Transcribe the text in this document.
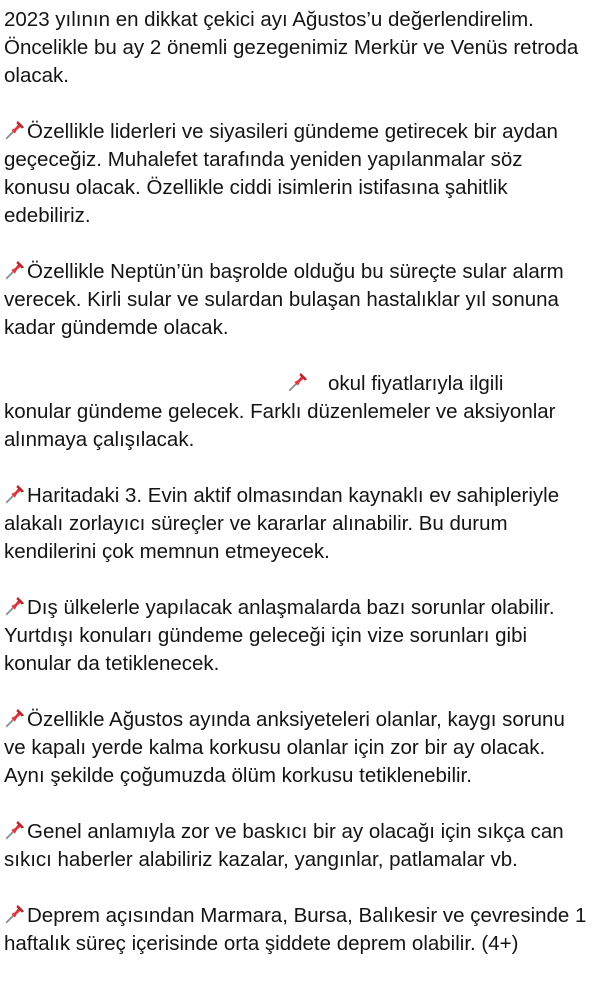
2023 yılının en dikkat çekici ayı Ağustos’u değerlendirelim.
Öncelikle bu ay 2 önemli gezegenimiz Merkür ve Venüs retroda
olacak.
Özellikle liderleri ve siyasileri gündeme getirecek bir aydan
geçeceğiz. Muhalefet tarafında yeniden yapılanmalar söz
konusu olacak. Özellikle ciddi isimlerin istifasına şahitlik
edebiliriz.
Özellikle Neptün’ün başrolde olduğu bu süreçte sular alarm
verecek. Kirli sular ve sulardan bulaşan hastalıklar yıl sonuna
kadar gündemde olacak.
okul fiyatlarıyla ilgili
konular gündeme gelecek. Farklı düzenlemeler ve aksiyonlar
alınmaya çalışılacak.
Haritadaki 3. Evin aktif olmasından kaynaklı ev sahipleriyle
alakalı zorlayıcı süreçler ve kararlar alınabilir. Bu durum
kendilerini çok memnun etmeyecek.
Dış ülkelerle yapılacak anlaşmalarda bazı sorunlar olabilir.
Yurtdışı konuları gündeme geleceği için vize sorunları gibi
konular da tetiklenecek.
Özellikle Ağustos ayında anksiyeteleri olanlar, kaygı sorunu
ve kapalı yerde kalma korkusu olanlar için zor bir ay olacak.
Aynı şekilde çoğumuzda ölüm korkusu tetiklenebilir.
Genel anlamıyla zor ve baskıcı bir ay olacağı için sıkça can
sıkıcı haberler alabiliriz kazalar, yangınlar, patlamalar vb.
Deprem açısından Marmara, Bursa, Balıkesir ve çevresinde 1
haftalık süreç içerisinde orta şiddete deprem olabilir. (4+)
